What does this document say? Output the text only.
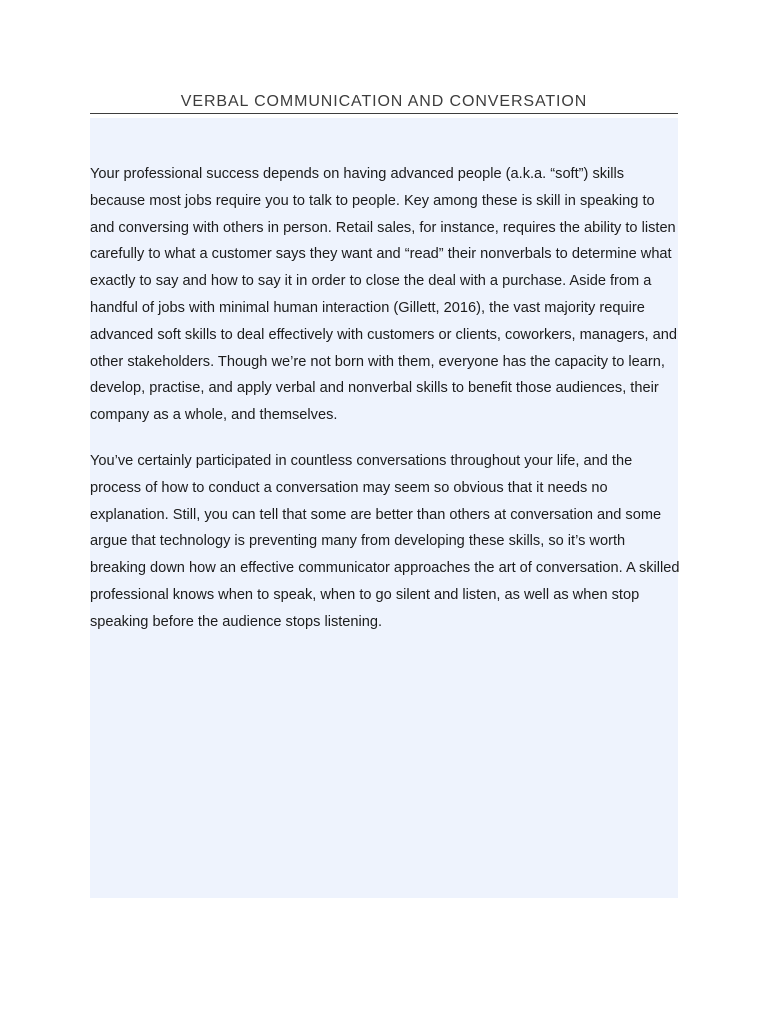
VERBAL COMMUNICATION AND CONVERSATION

Your professional success depends on having advanced people (a.k.a. “soft”) skills because most jobs require you to talk to people. Key among these is skill in speaking to and conversing with others in person. Retail sales, for instance, requires the ability to listen carefully to what a customer says they want and “read” their nonverbals to determine what exactly to say and how to say it in order to close the deal with a purchase. Aside from a handful of jobs with minimal human interaction (Gillett, 2016), the vast majority require advanced soft skills to deal effectively with customers or clients, coworkers, managers, and other stakeholders. Though we’re not born with them, everyone has the capacity to learn, develop, practise, and apply verbal and nonverbal skills to benefit those audiences, their company as a whole, and themselves.

You’ve certainly participated in countless conversations throughout your life, and the process of how to conduct a conversation may seem so obvious that it needs no explanation. Still, you can tell that some are better than others at conversation and some argue that technology is preventing many from developing these skills, so it’s worth breaking down how an effective communicator approaches the art of conversation. A skilled professional knows when to speak, when to go silent and listen, as well as when stop speaking before the audience stops listening.
